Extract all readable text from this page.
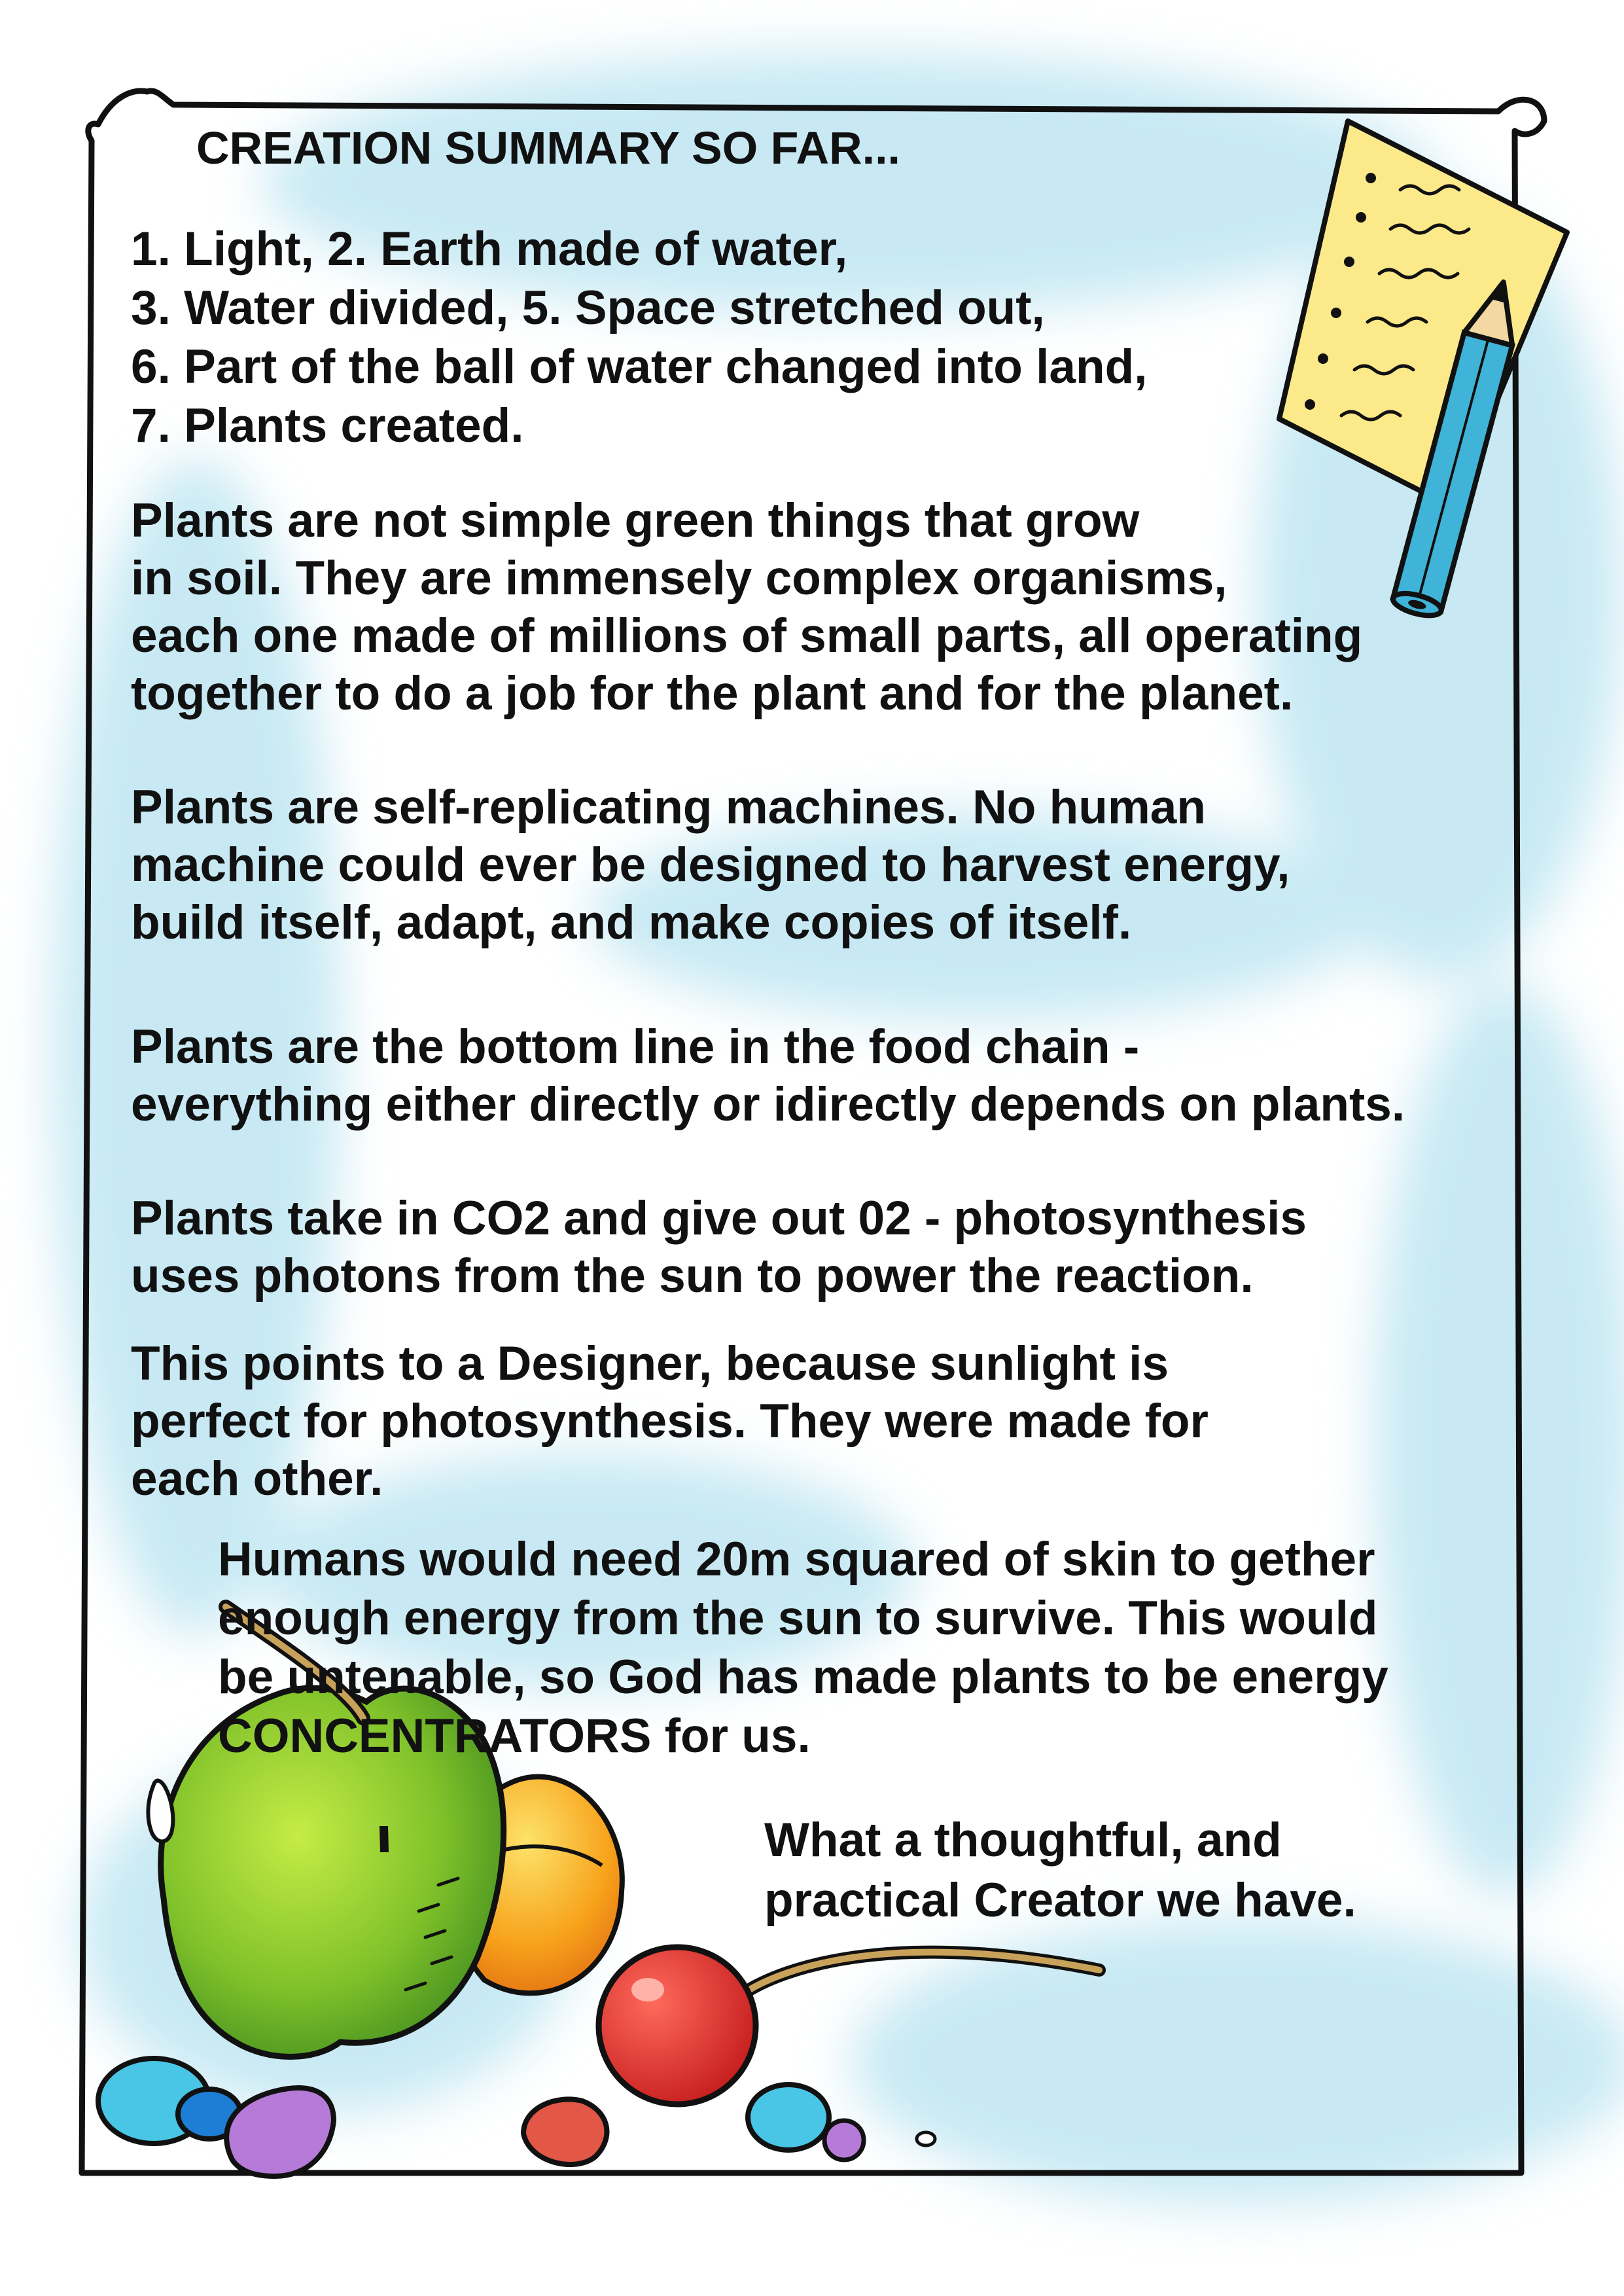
CREATION SUMMARY SO FAR...
1. Light, 2. Earth made of water,
3. Water divided, 5. Space stretched out,
6. Part of the ball of water changed into land,
7. Plants created.

Plants are not simple green things that grow
in soil. They are immensely complex organisms,
each one made of millions of small parts, all operating
together to do a job for the plant and for the planet.

Plants are self-replicating machines. No human
machine could ever be designed to harvest energy,
build itself, adapt, and make copies of itself.

Plants are the bottom line in the food chain -
everything either directly or idirectly depends on plants.

Plants take in CO2 and give out 02 - photosynthesis
uses photons from the sun to power the reaction.

This points to a Designer, because sunlight is
perfect for photosynthesis. They were made for
each other.

Humans would need 20m squared of skin to gether
enough energy from the sun to survive. This would
be untenable, so God has made plants to be energy
CONCENTRATORS for us.

What a thoughtful, and
practical Creator we have.
